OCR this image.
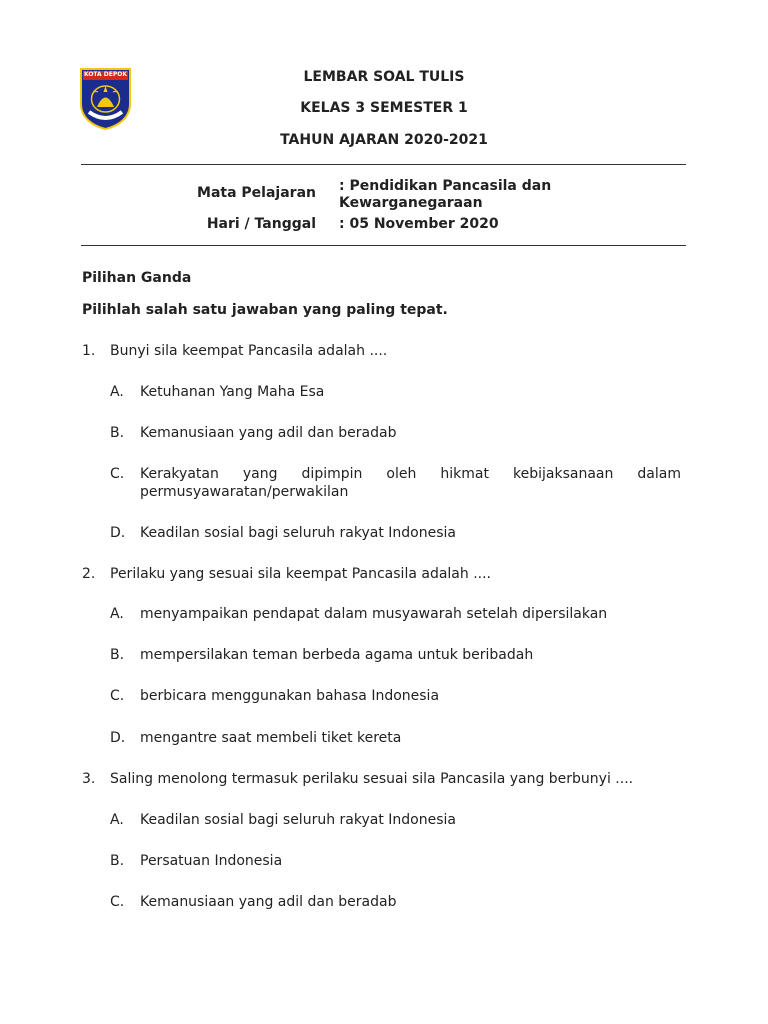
KOTA DEPOK	LEMBAR SOAL TULIS
KELAS 3 SEMESTER 1
TAHUN AJARAN 2020-2021
Mata Pelajaran : Pendidikan Pancasila dan
Kewarganegaraan
Hari / Tanggal : 05 November 2020
Pilihan Ganda
Pilihlah salah satu jawaban yang paling tepat.
1. Bunyi sila keempat Pancasila adalah ....
A. Ketuhanan Yang Maha Esa
B. Kemanusiaan yang adil dan beradab
C. Kerakyatan yang dipimpin oleh hikmat kebijaksanaan dalam
permusyawaratan/perwakilan
D. Keadilan sosial bagi seluruh rakyat Indonesia
2. Perilaku yang sesuai sila keempat Pancasila adalah ....
A. menyampaikan pendapat dalam musyawarah setelah dipersilakan
B. mempersilakan teman berbeda agama untuk beribadah
C. berbicara menggunakan bahasa Indonesia
D. mengantre saat membeli tiket kereta
3. Saling menolong termasuk perilaku sesuai sila Pancasila yang berbunyi ....
A. Keadilan sosial bagi seluruh rakyat Indonesia
B. Persatuan Indonesia
C. Kemanusiaan yang adil dan beradab
